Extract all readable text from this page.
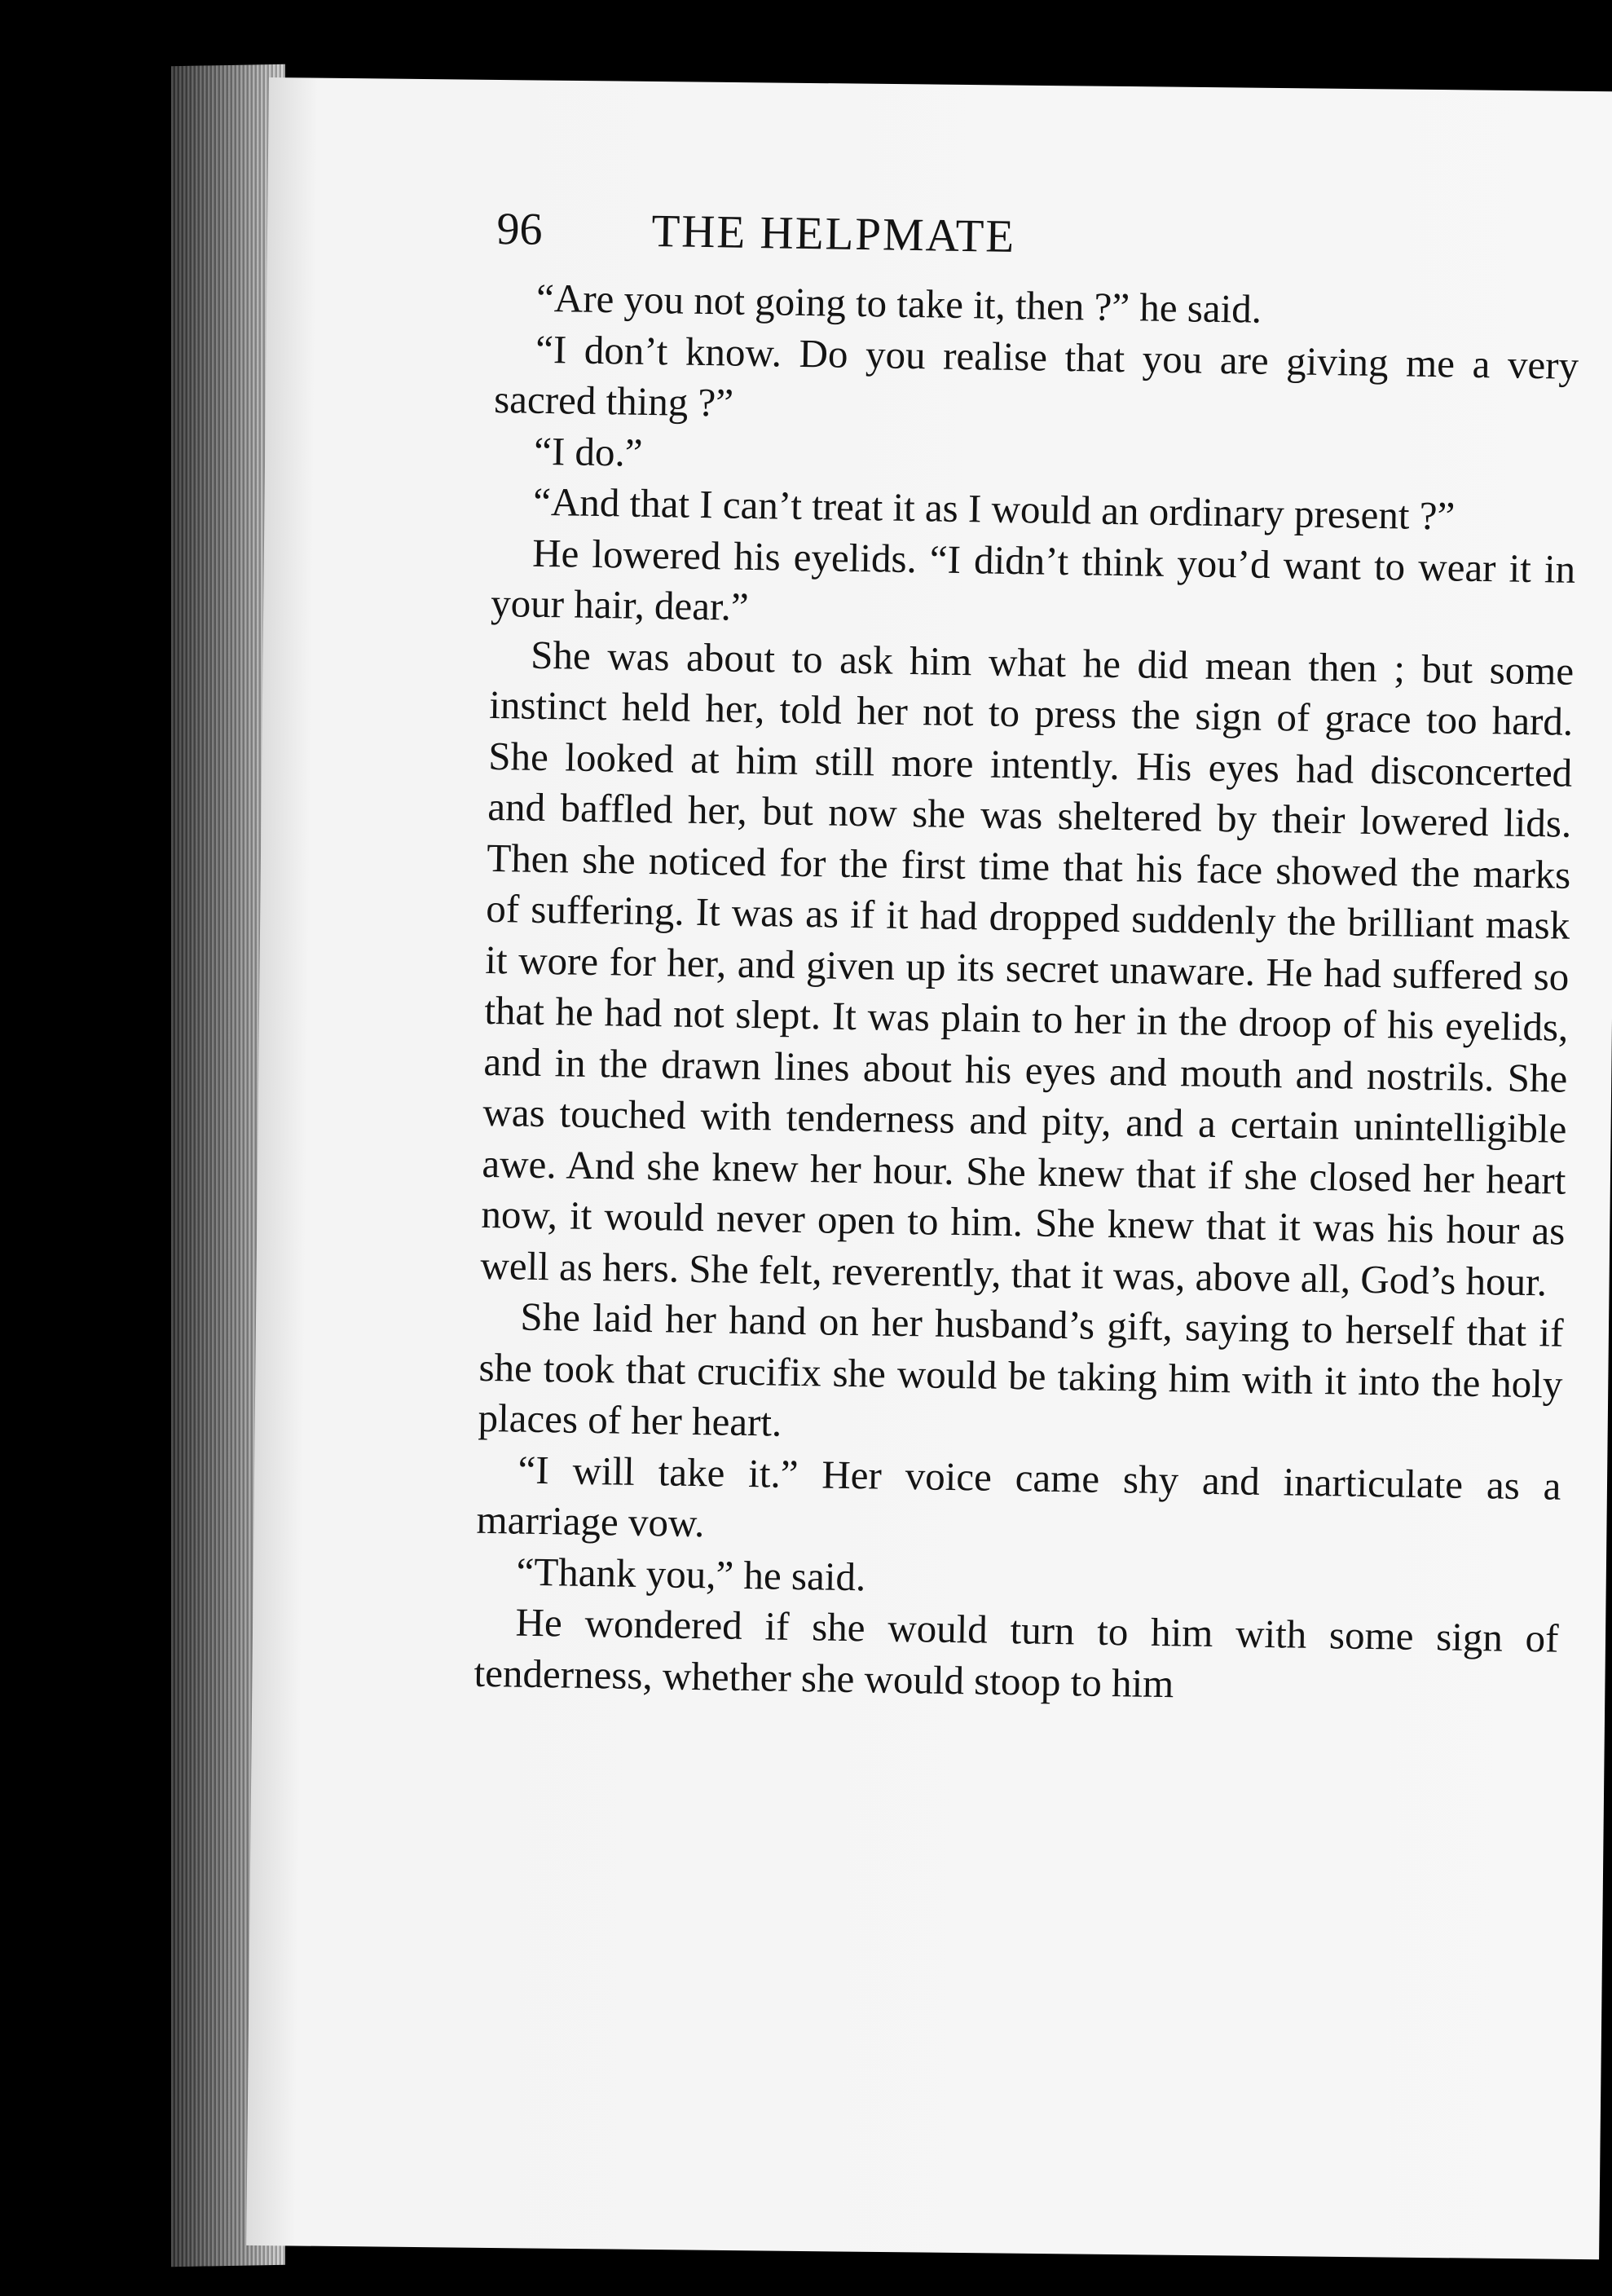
96	THE HELPMATE

“Are you not going to take it, then ?” he said.

“I don’t know. Do you realise that you are giving me a very sacred thing ?”

“I do.”

“And that I can’t treat it as I would an ordinary present ?”

He lowered his eyelids. “I didn’t think you’d want to wear it in your hair, dear.”

She was about to ask him what he did mean then ; but some instinct held her, told her not to press the sign of grace too hard. She looked at him still more intently. His eyes had disconcerted and baffled her, but now she was sheltered by their lowered lids. Then she noticed for the first time that his face showed the marks of suffering. It was as if it had dropped suddenly the brilliant mask it wore for her, and given up its secret unaware. He had suffered so that he had not slept. It was plain to her in the droop of his eyelids, and in the drawn lines about his eyes and mouth and nostrils. She was touched with tenderness and pity, and a certain unintelligible awe. And she knew her hour. She knew that if she closed her heart now, it would never open to him. She knew that it was his hour as well as hers. She felt, reverently, that it was, above all, God’s hour.

She laid her hand on her husband’s gift, saying to herself that if she took that crucifix she would be taking him with it into the holy places of her heart.

“I will take it.” Her voice came shy and inarticulate as a marriage vow.

“Thank you,” he said.

He wondered if she would turn to him with some sign of tenderness, whether she would stoop to him
